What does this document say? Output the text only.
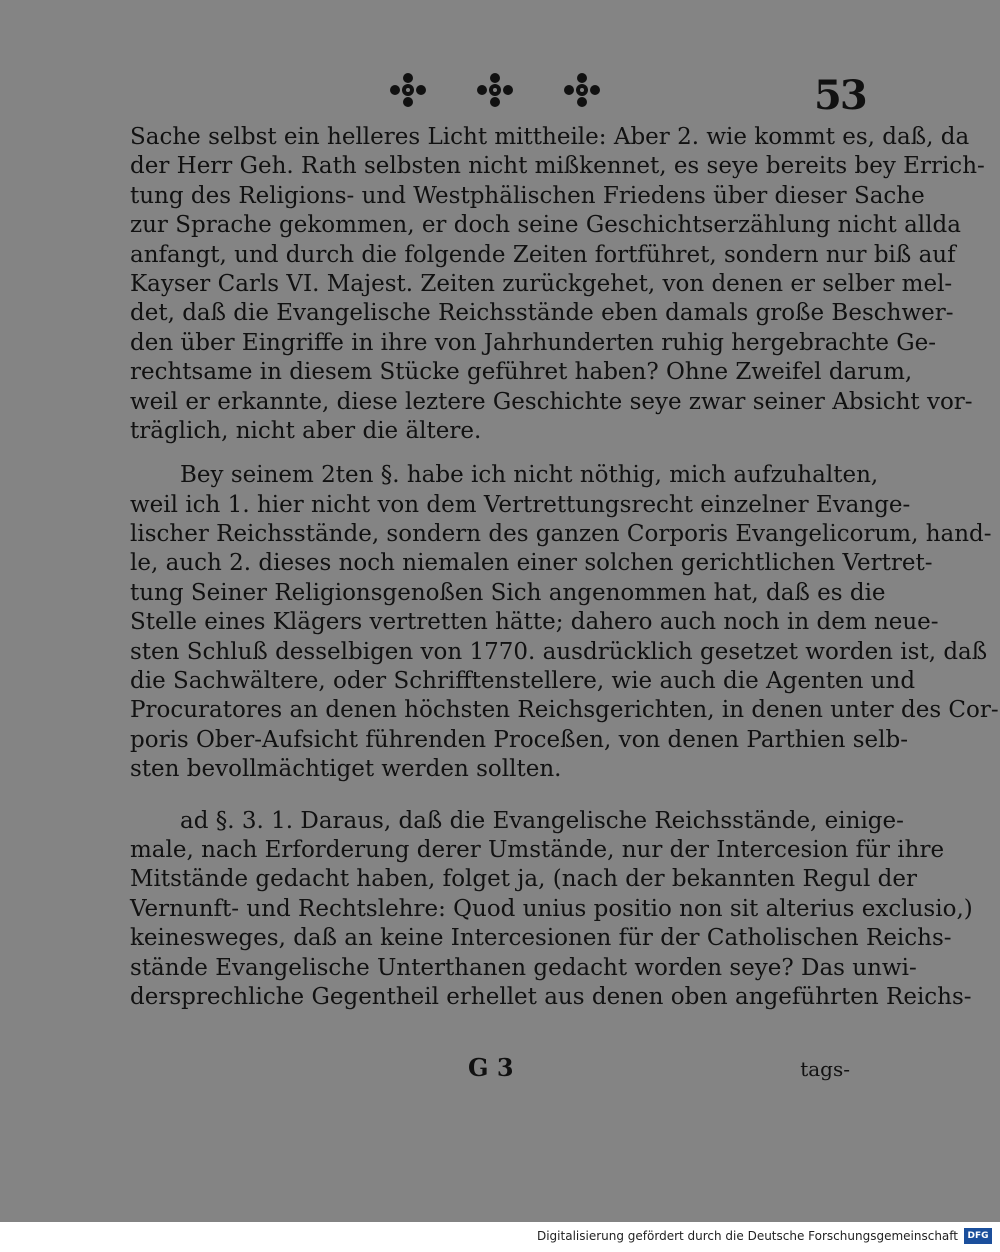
53
Sache selbst ein helleres Licht mittheile: Aber 2. wie kommt es, daß, da
der Herr Geh. Rath selbsten nicht mißkennet, es seye bereits bey Errich-
tung des Religions- und Westphälischen Friedens über dieser Sache
zur Sprache gekommen, er doch seine Geschichtserzählung nicht allda
anfangt, und durch die folgende Zeiten fortführet, sondern nur biß auf
Kayser Carls VI. Majest. Zeiten zurückgehet, von denen er selber mel-
det, daß die Evangelische Reichsstände eben damals große Beschwer-
den über Eingriffe in ihre von Jahrhunderten ruhig hergebrachte Ge-
rechtsame in diesem Stücke geführet haben? Ohne Zweifel darum,
weil er erkannte, diese leztere Geschichte seye zwar seiner Absicht vor-
träglich, nicht aber die ältere.
Bey seinem 2ten §. habe ich nicht nöthig, mich aufzuhalten,
weil ich 1. hier nicht von dem Vertrettungsrecht einzelner Evange-
lischer Reichsstände, sondern des ganzen Corporis Evangelicorum, hand-
le, auch 2. dieses noch niemalen einer solchen gerichtlichen Vertret-
tung Seiner Religionsgenoßen Sich angenommen hat, daß es die
Stelle eines Klägers vertretten hätte; dahero auch noch in dem neue-
sten Schluß desselbigen von 1770. ausdrücklich gesetzet worden ist, daß
die Sachwältere, oder Schrifftenstellere, wie auch die Agenten und
Procuratores an denen höchsten Reichsgerichten, in denen unter des Cor-
poris Ober-Aufsicht führenden Proceßen, von denen Parthien selb-
sten bevollmächtiget werden sollten.
ad §. 3. 1. Daraus, daß die Evangelische Reichsstände, einige-
male, nach Erforderung derer Umstände, nur der Intercesion für ihre
Mitstände gedacht haben, folget ja, (nach der bekannten Regul der
Vernunft- und Rechtslehre: Quod unius positio non sit alterius exclusio,)
keinesweges, daß an keine Intercesionen für der Catholischen Reichs-
stände Evangelische Unterthanen gedacht worden seye? Das unwi-
dersprechliche Gegentheil erhellet aus denen oben angeführten Reichs-
G 3	tags-
Digitalisierung gefördert durch die Deutsche Forschungsgemeinschaft	DFG
